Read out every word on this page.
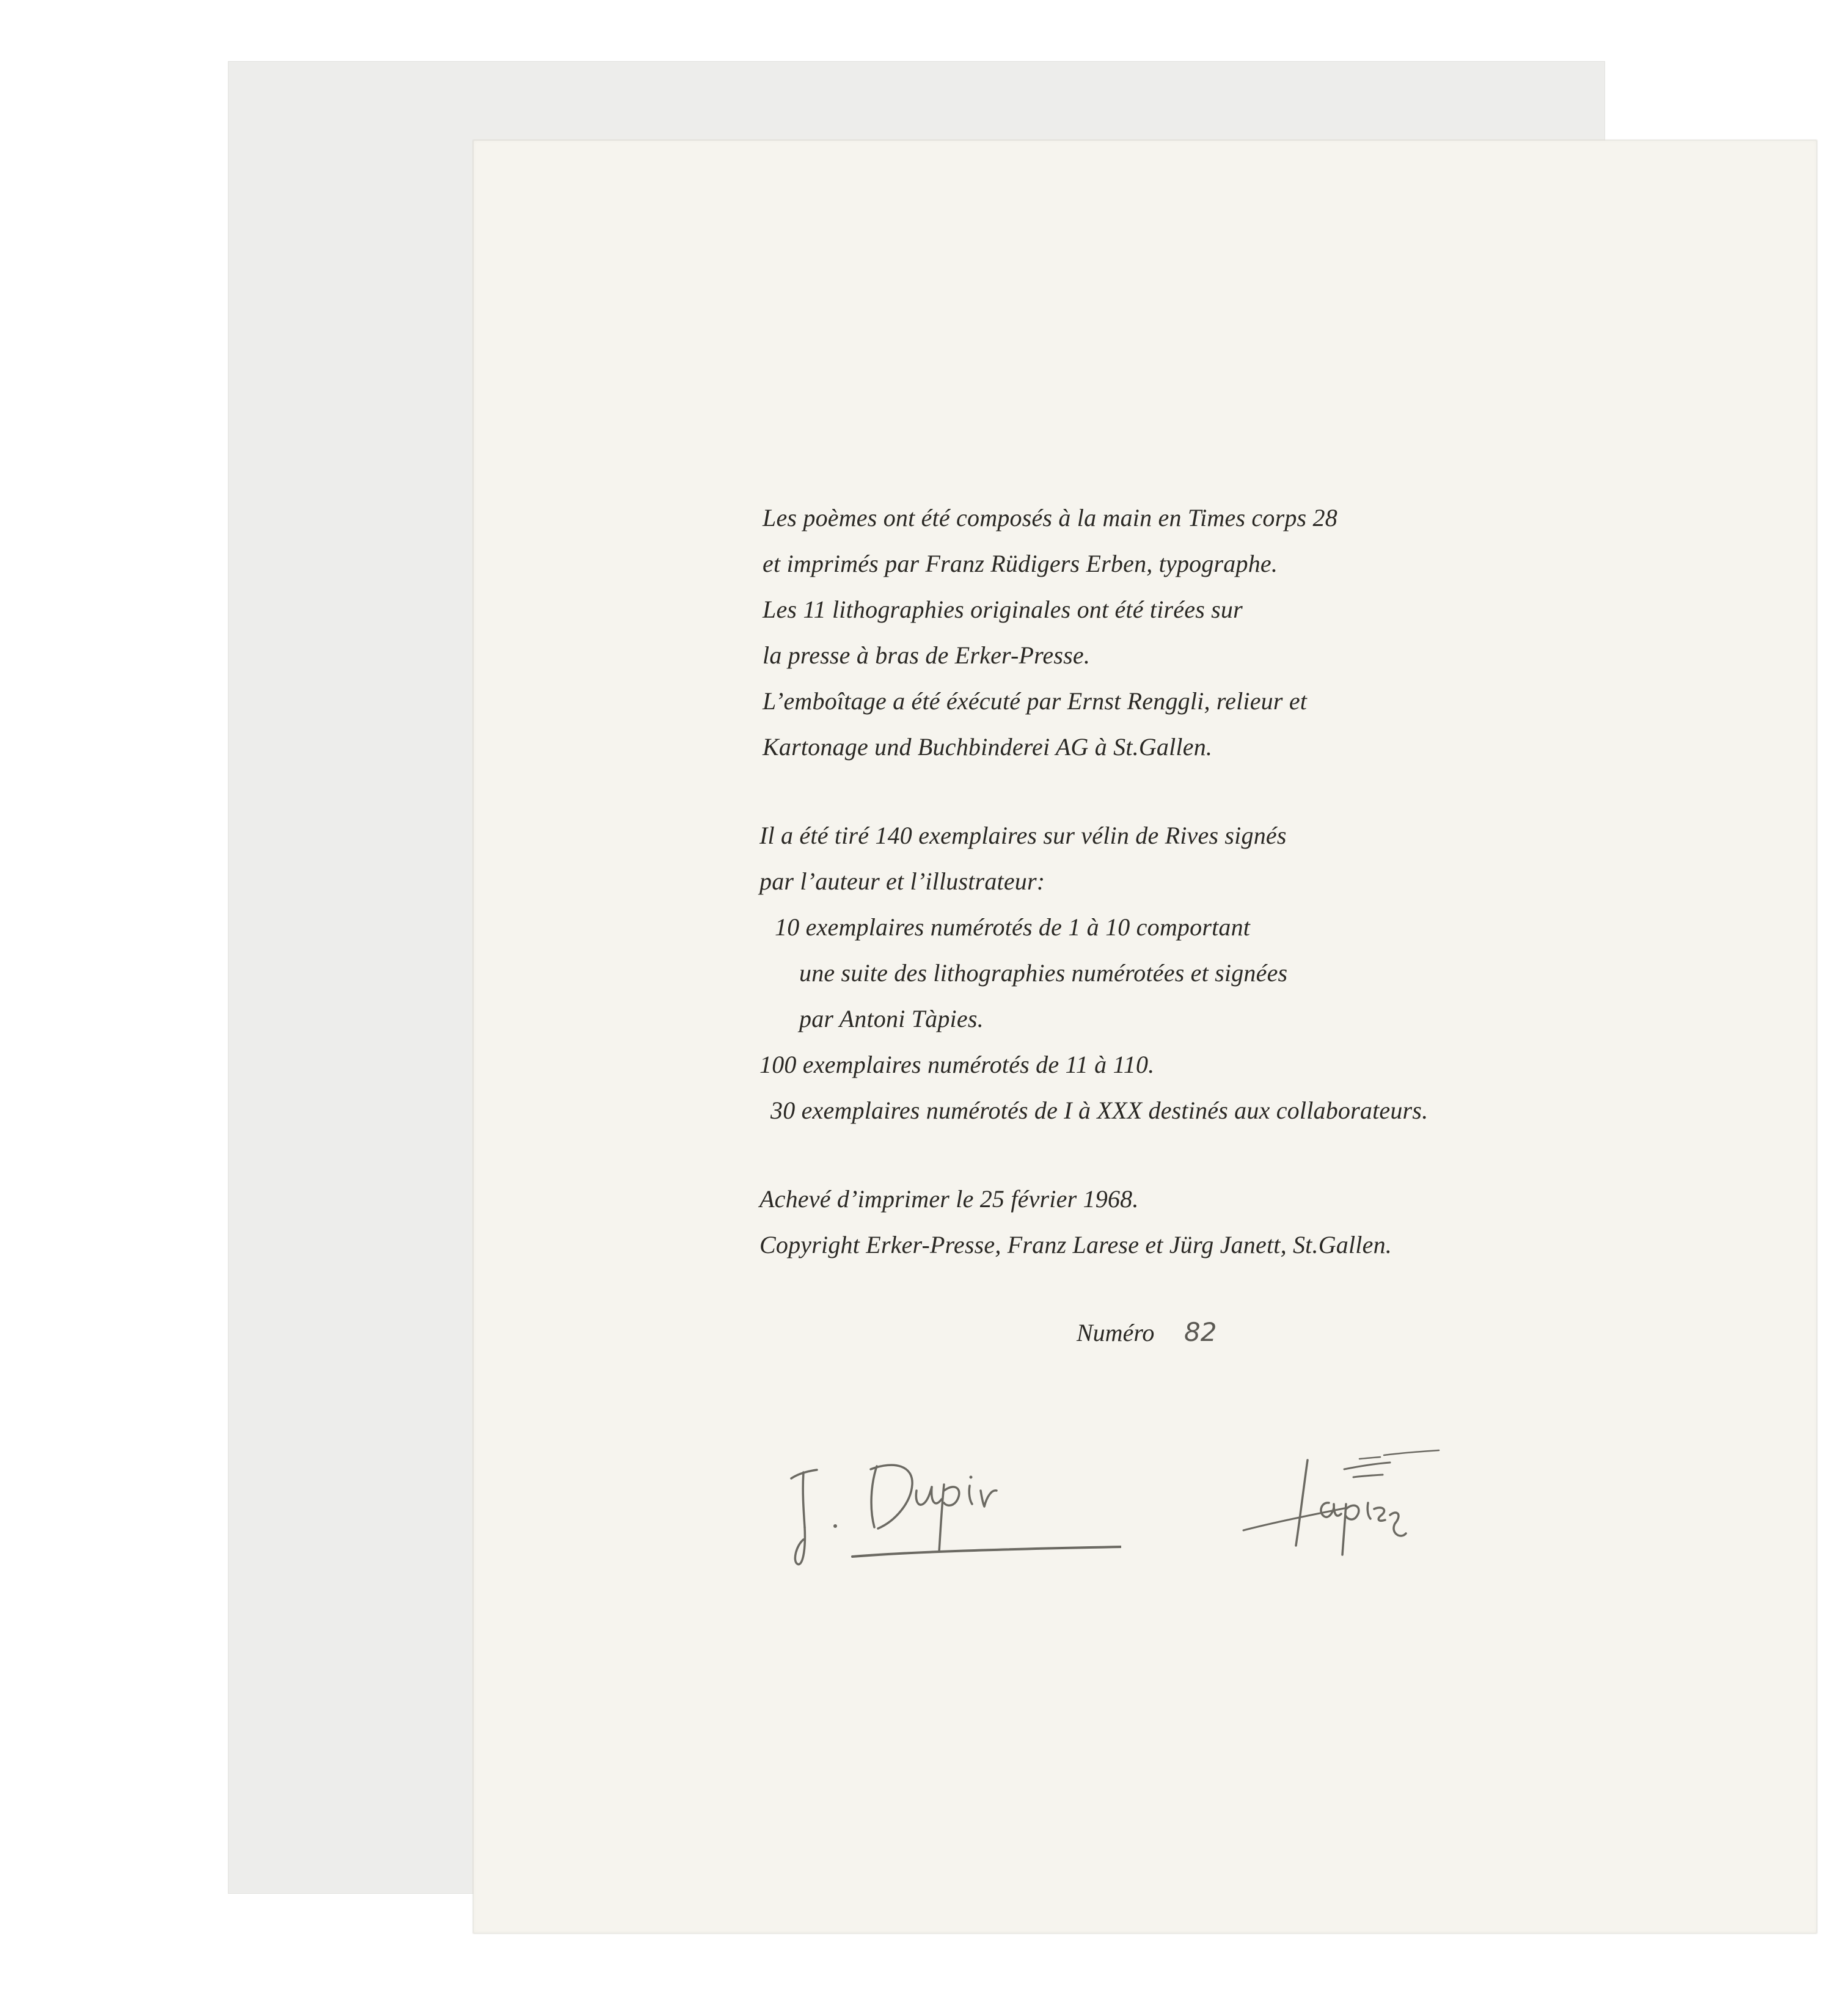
Les poèmes ont été composés à la main en Times corps 28
et imprimés par Franz Rüdigers Erben, typographe.
Les 11 lithographies originales ont été tirées sur
la presse à bras de Erker-Presse.
L’emboîtage a été éxécuté par Ernst Renggli, relieur et
Kartonage und Buchbinderei AG à St.Gallen.
Il a été tiré 140 exemplaires sur vélin de Rives signés
par l’auteur et l’illustrateur:
10 exemplaires numérotés de 1 à 10 comportant
une suite des lithographies numérotées et signées
par Antoni Tàpies.
100 exemplaires numérotés de 11 à 110.
30 exemplaires numérotés de I à XXX destinés aux collaborateurs.
Achevé d’imprimer le 25 février 1968.
Copyright Erker-Presse, Franz Larese et Jürg Janett, St.Gallen.
Numéro 82
